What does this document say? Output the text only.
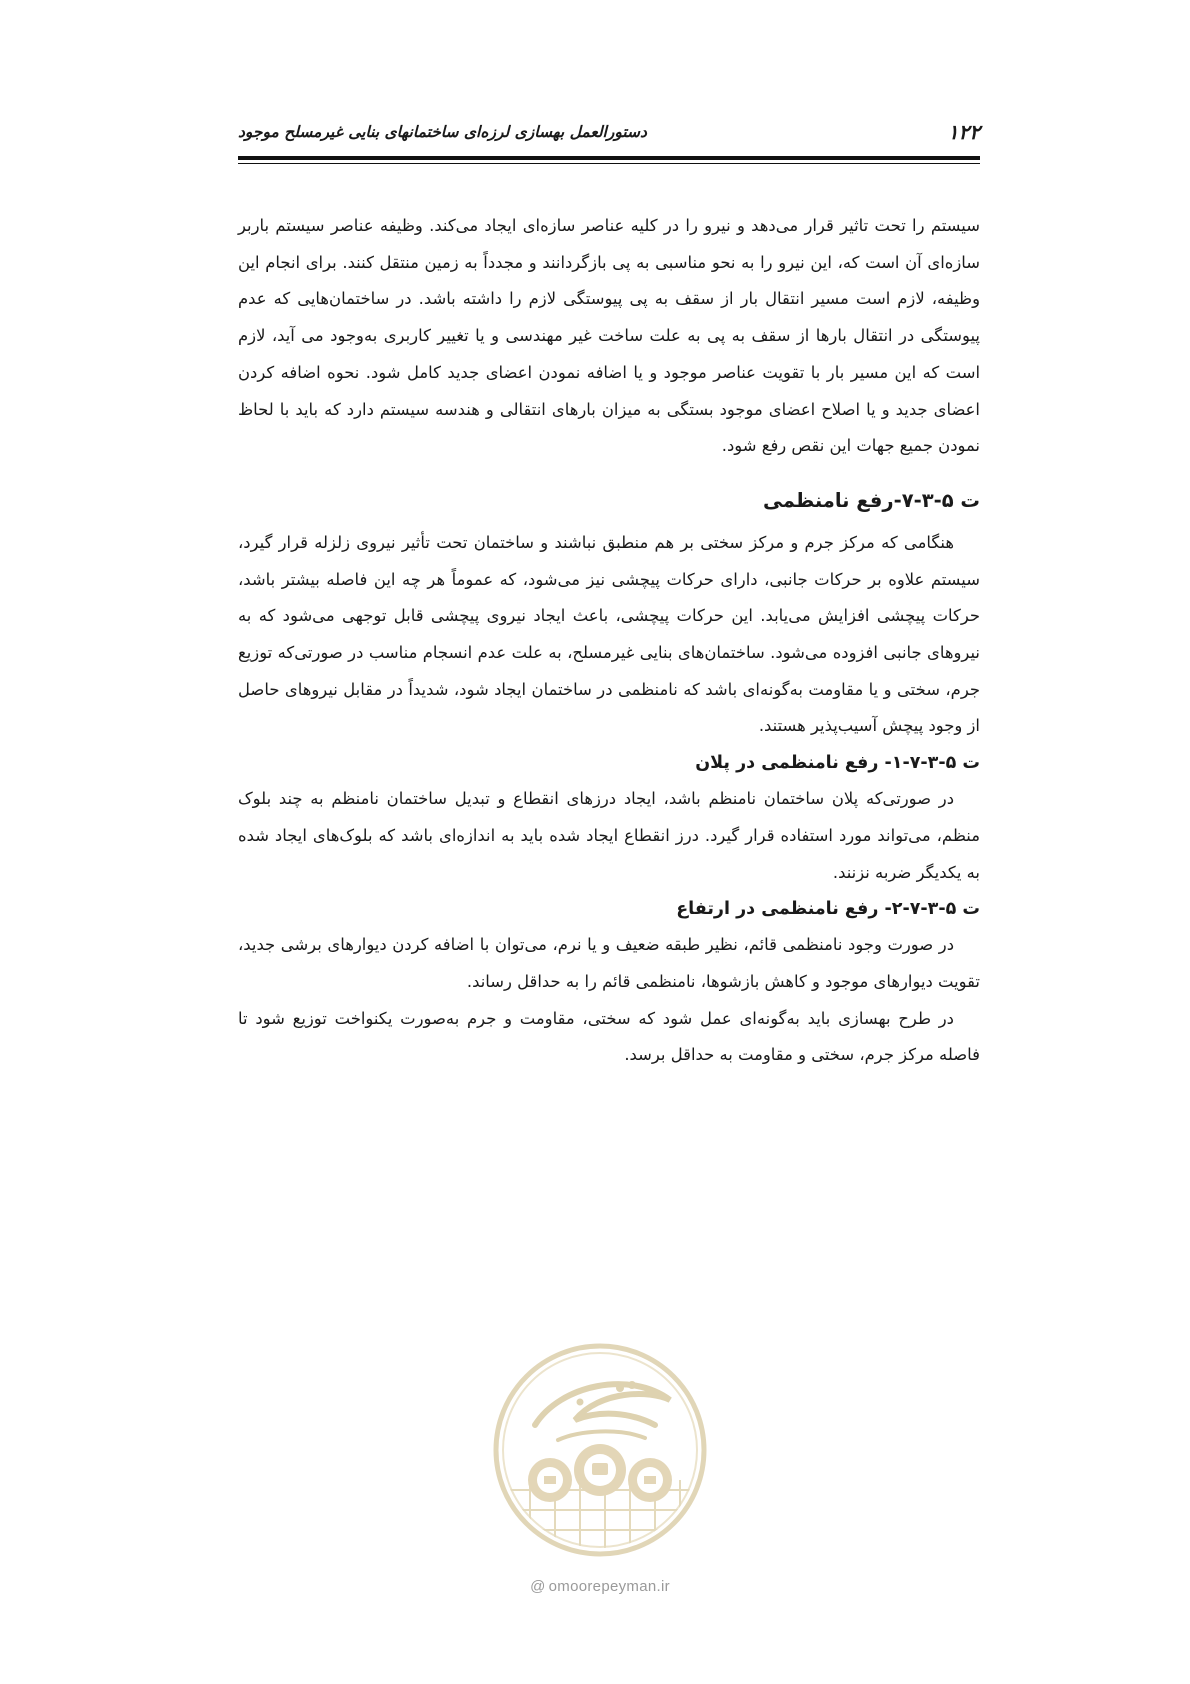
۱۲۲
دستورالعمل بهسازی لرزه‌ای ساختمانهای بنایی غیرمسلح موجود

سیستم را تحت تاثیر قرار می‌دهد و نیرو را در کلیه عناصر سازه‌ای ایجاد می‌کند. وظیفه عناصر سیستم باربر سازه‌ای آن است که، این نیرو را به نحو مناسبی به پی بازگردانند و مجدداً به زمین منتقل کنند. برای انجام این وظیفه، لازم است مسیر انتقال بار از سقف به پی پیوستگی لازم را داشته باشد. در ساختمان‌هایی که عدم پیوستگی در انتقال بارها از سقف به پی به علت ساخت غیر مهندسی و یا تغییر کاربری به‌وجود می آید، لازم است که این مسیر بار با تقویت عناصر موجود و یا اضافه نمودن اعضای جدید کامل شود. نحوه اضافه کردن اعضای جدید و یا اصلاح اعضای موجود بستگی به میزان بارهای انتقالی و هندسه سیستم دارد که باید با لحاظ نمودن جمیع جهات این نقص رفع شود.

ت ۵-۳-۷-رفع نامنظمی

هنگامی که مرکز جرم و مرکز سختی بر هم منطبق نباشند و ساختمان تحت تأثیر نیروی زلزله قرار گیرد، سیستم علاوه بر حرکات جانبی، دارای حرکات پیچشی نیز می‌شود، که عموماً هر چه این فاصله بیشتر باشد، حرکات پیچشی افزایش می‌یابد. این حرکات پیچشی، باعث ایجاد نیروی پیچشی قابل توجهی می‌شود که به نیروهای جانبی افزوده می‌شود. ساختمان‌های بنایی غیرمسلح، به علت عدم انسجام مناسب در صورتی‌که توزیع جرم، سختی و یا مقاومت به‌گونه‌ای باشد که نامنظمی در ساختمان ایجاد شود، شدیداً در مقابل نیروهای حاصل از وجود پیچش آسیب‌پذیر هستند.

ت ۵-۳-۷-۱- رفع نامنظمی در پلان

در صورتی‌که پلان ساختمان نامنظم باشد، ایجاد درزهای انقطاع و تبدیل ساختمان نامنظم به چند بلوک منظم، می‌تواند مورد استفاده قرار گیرد. درز انقطاع ایجاد شده باید به اندازه‌ای باشد که بلوک‌های ایجاد شده به یکدیگر ضربه نزنند.

ت ۵-۳-۷-۲- رفع نامنظمی در ارتفاع

در صورت وجود نامنظمی قائم، نظیر طبقه ضعیف و یا نرم، می‌توان با اضافه کردن دیوارهای برشی جدید، تقویت دیوارهای موجود و کاهش بازشوها، نامنظمی قائم را به حداقل رساند.

در طرح بهسازی باید به‌گونه‌ای عمل شود که سختی، مقاومت و جرم به‌صورت یکنواخت توزیع شود تا فاصله مرکز جرم، سختی و مقاومت به حداقل برسد.

@ omoorepeyman.ir
